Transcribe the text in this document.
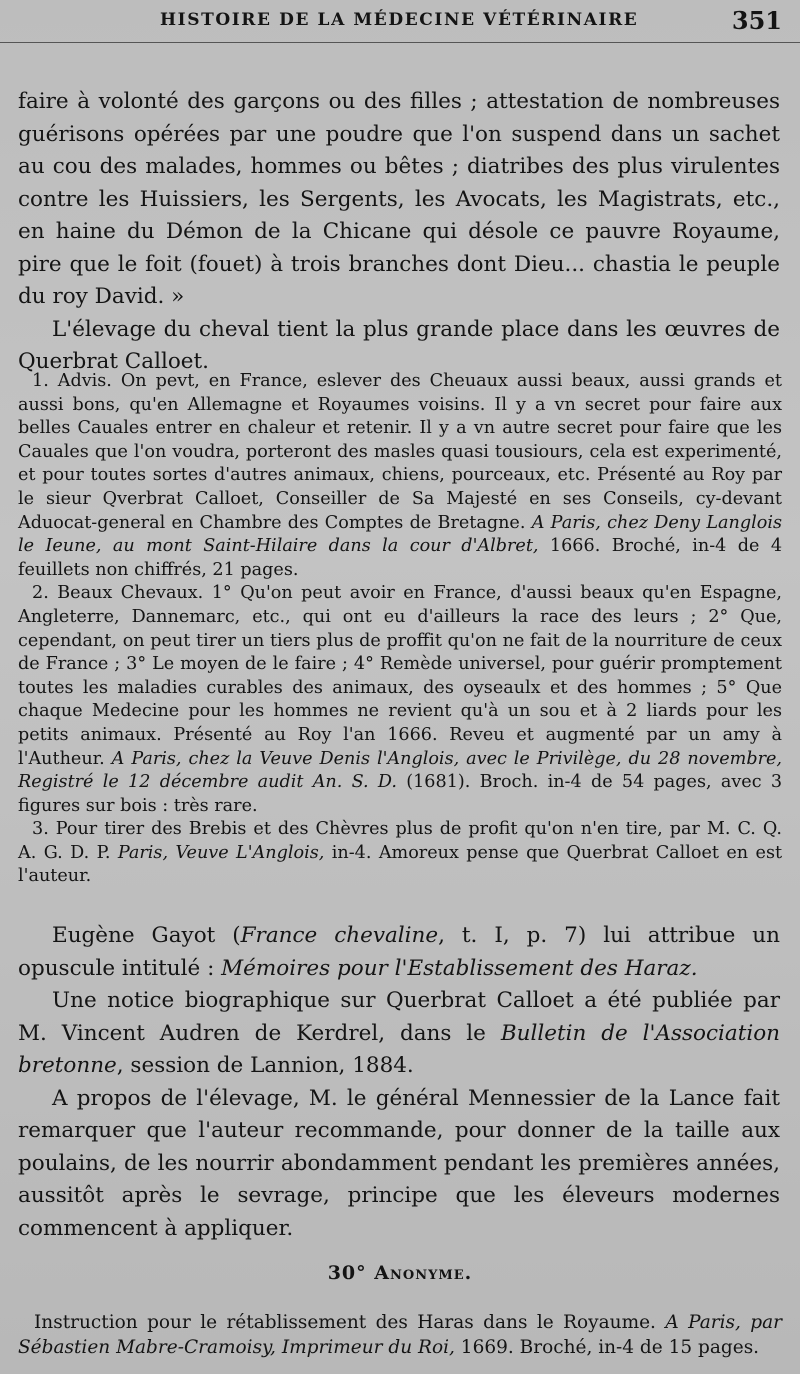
HISTOIRE DE LA MÉDECINE VÉTÉRINAIRE	351

faire à volonté des garçons ou des filles ; attestation de nombreuses guérisons opérées par une poudre que l'on suspend dans un sachet au cou des malades, hommes ou bêtes ; diatribes des plus virulentes contre les Huissiers, les Sergents, les Avocats, les Magistrats, etc., en haine du Démon de la Chicane qui désole ce pauvre Royaume, pire que le foit (fouet) à trois branches dont Dieu... chastia le peuple du roy David. »

L'élevage du cheval tient la plus grande place dans les œuvres de Querbrat Calloet.

1. Advis. On pevt, en France, eslever des Cheuaux aussi beaux, aussi grands et aussi bons, qu'en Allemagne et Royaumes voisins. Il y a vn secret pour faire aux belles Cauales entrer en chaleur et retenir. Il y a vn autre secret pour faire que les Cauales que l'on voudra, porteront des masles quasi tousiours, cela est experimenté, et pour toutes sortes d'autres animaux, chiens, pourceaux, etc. Présenté au Roy par le sieur Qverbrat Calloet, Conseiller de Sa Majesté en ses Conseils, cy-devant Aduocat-general en Chambre des Comptes de Bretagne. A Paris, chez Deny Langlois le Ieune, au mont Saint-Hilaire dans la cour d'Albret, 1666. Broché, in-4 de 4 feuillets non chiffrés, 21 pages.

2. Beaux Chevaux. 1° Qu'on peut avoir en France, d'aussi beaux qu'en Espagne, Angleterre, Dannemarc, etc., qui ont eu d'ailleurs la race des leurs ; 2° Que, cependant, on peut tirer un tiers plus de proffit qu'on ne fait de la nourriture de ceux de France ; 3° Le moyen de le faire ; 4° Remède universel, pour guérir promptement toutes les maladies curables des animaux, des oyseaulx et des hommes ; 5° Que chaque Medecine pour les hommes ne revient qu'à un sou et à 2 liards pour les petits animaux. Présenté au Roy l'an 1666. Reveu et augmenté par un amy à l'Autheur. A Paris, chez la Veuve Denis l'Anglois, avec le Privilège, du 28 novembre, Registré le 12 décembre audit An. S. D. (1681). Broch. in-4 de 54 pages, avec 3 figures sur bois : très rare.

3. Pour tirer des Brebis et des Chèvres plus de profit qu'on n'en tire, par M. C. Q. A. G. D. P. Paris, Veuve L'Anglois, in-4. Amoreux pense que Querbrat Calloet en est l'auteur.

Eugène Gayot (France chevaline, t. I, p. 7) lui attribue un opuscule intitulé : Mémoires pour l'Establissement des Haraz.

Une notice biographique sur Querbrat Calloet a été publiée par M. Vincent Audren de Kerdrel, dans le Bulletin de l'Association bretonne, session de Lannion, 1884.

A propos de l'élevage, M. le général Mennessier de la Lance fait remarquer que l'auteur recommande, pour donner de la taille aux poulains, de les nourrir abondamment pendant les premières années, aussitôt après le sevrage, principe que les éleveurs modernes commencent à appliquer.

30° Anonyme.

Instruction pour le rétablissement des Haras dans le Royaume. A Paris, par Sébastien Mabre-Cramoisy, Imprimeur du Roi, 1669. Broché, in-4 de 15 pages.
